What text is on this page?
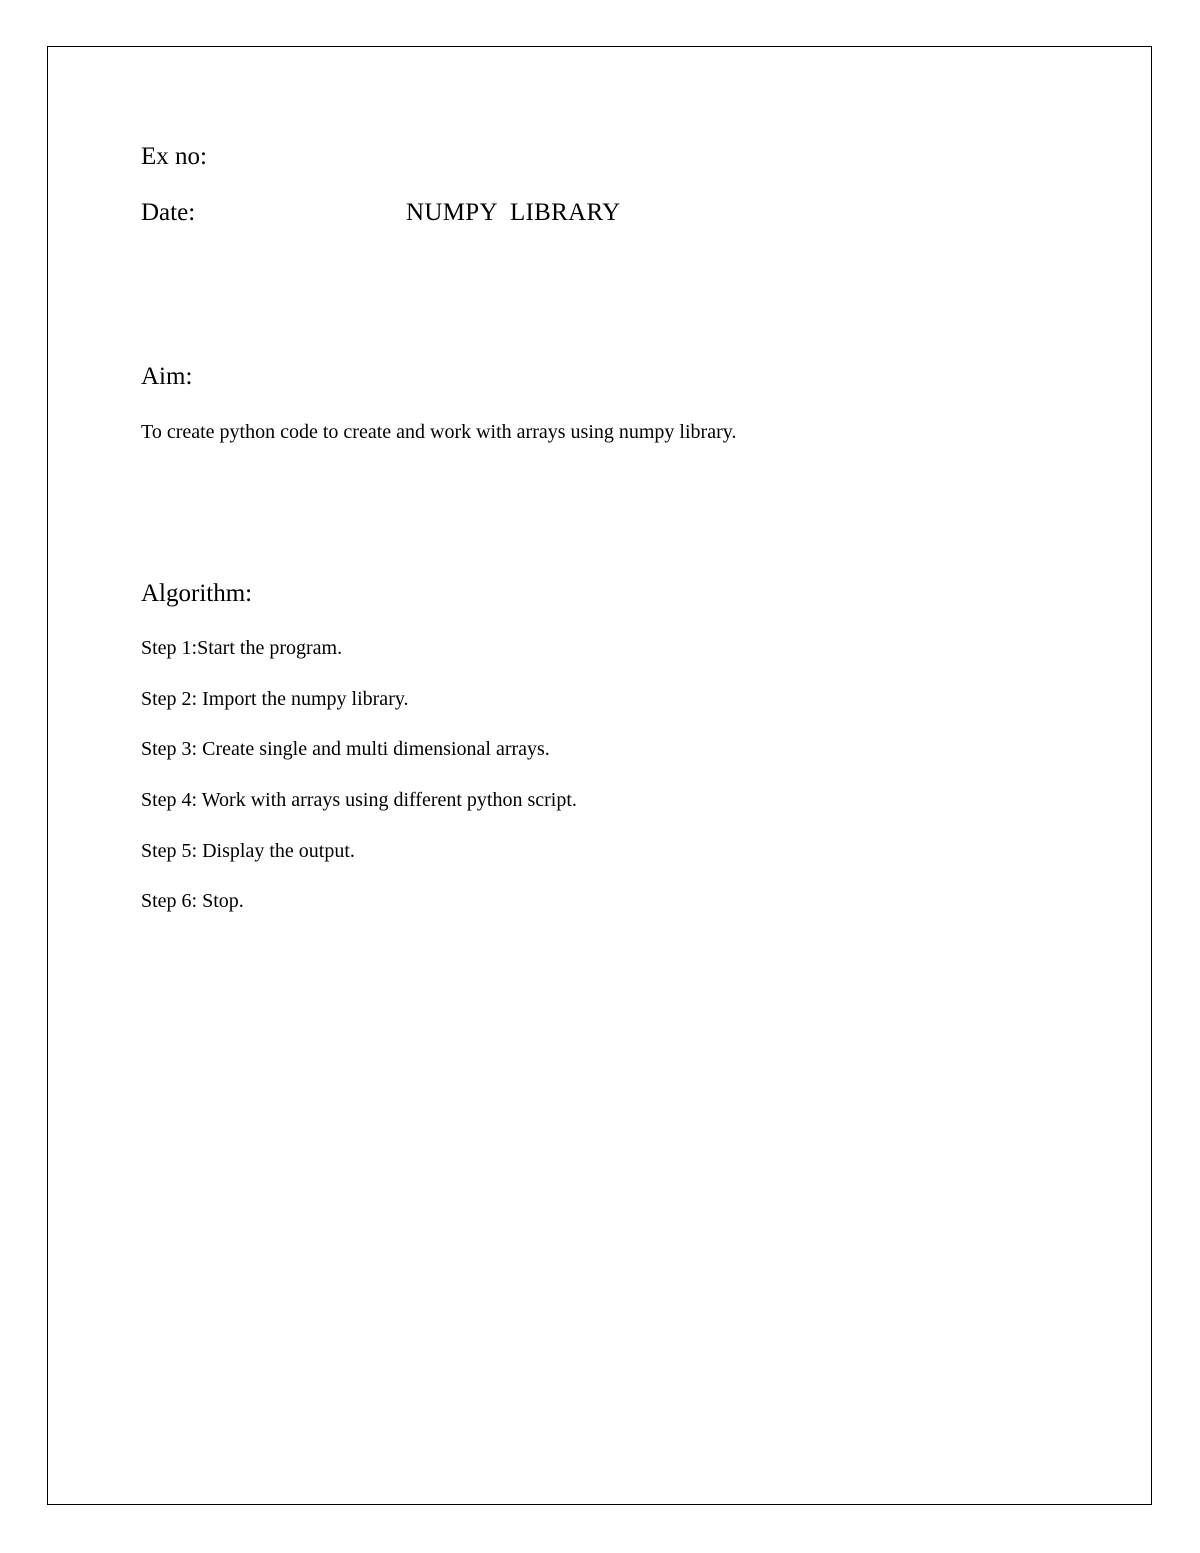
Ex no:
Date:	NUMPY  LIBRARY
Aim:
To create python code to create and work with arrays using numpy library.
Algorithm:
Step 1:Start the program.
Step 2: Import the numpy library.
Step 3: Create single and multi dimensional arrays.
Step 4: Work with arrays using different python script.
Step 5: Display the output.
Step 6: Stop.
